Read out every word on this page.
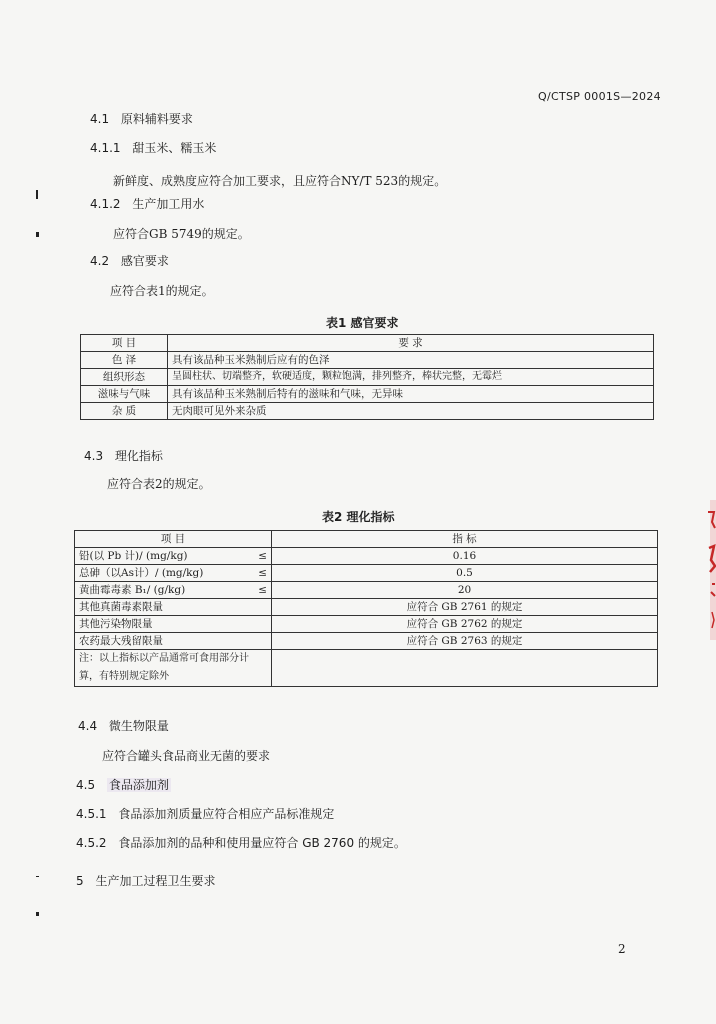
Q/CTSP 0001S—2024
4.1 原料辅料要求
4.1.1 甜玉米、糯玉米
新鲜度、成熟度应符合加工要求，且应符合NY/T 523的规定。
4.1.2 生产加工用水
应符合GB 5749的规定。
4.2 感官要求
应符合表1的规定。
表1 感官要求
项 目	要 求
色 泽	具有该品种玉米熟制后应有的色泽
组织形态	呈圆柱状、切端整齐，软硬适度，颗粒饱满，排列整齐，棒状完整，无霉烂
滋味与气味	具有该品种玉米熟制后特有的滋味和气味，无异味
杂 质	无肉眼可见外来杂质
4.3 理化指标
应符合表2的规定。
表2 理化指标
项 目	指 标
铅(以 Pb 计)/ (mg/kg) ≤	0.16
总砷（以As计）/ (mg/kg) ≤	0.5
黄曲霉毒素 B₁/ (g/kg) ≤	20
其他真菌毒素限量	应符合 GB 2761 的规定
其他污染物限量	应符合 GB 2762 的规定
农药最大残留限量	应符合 GB 2763 的规定
注：以上指标以产品通常可食用部分计算，有特别规定除外	
4.4 微生物限量
应符合罐头食品商业无菌的要求
4.5 食品添加剂
4.5.1 食品添加剂质量应符合相应产品标准规定
4.5.2 食品添加剂的品种和使用量应符合 GB 2760 的规定。
5 生产加工过程卫生要求
2
